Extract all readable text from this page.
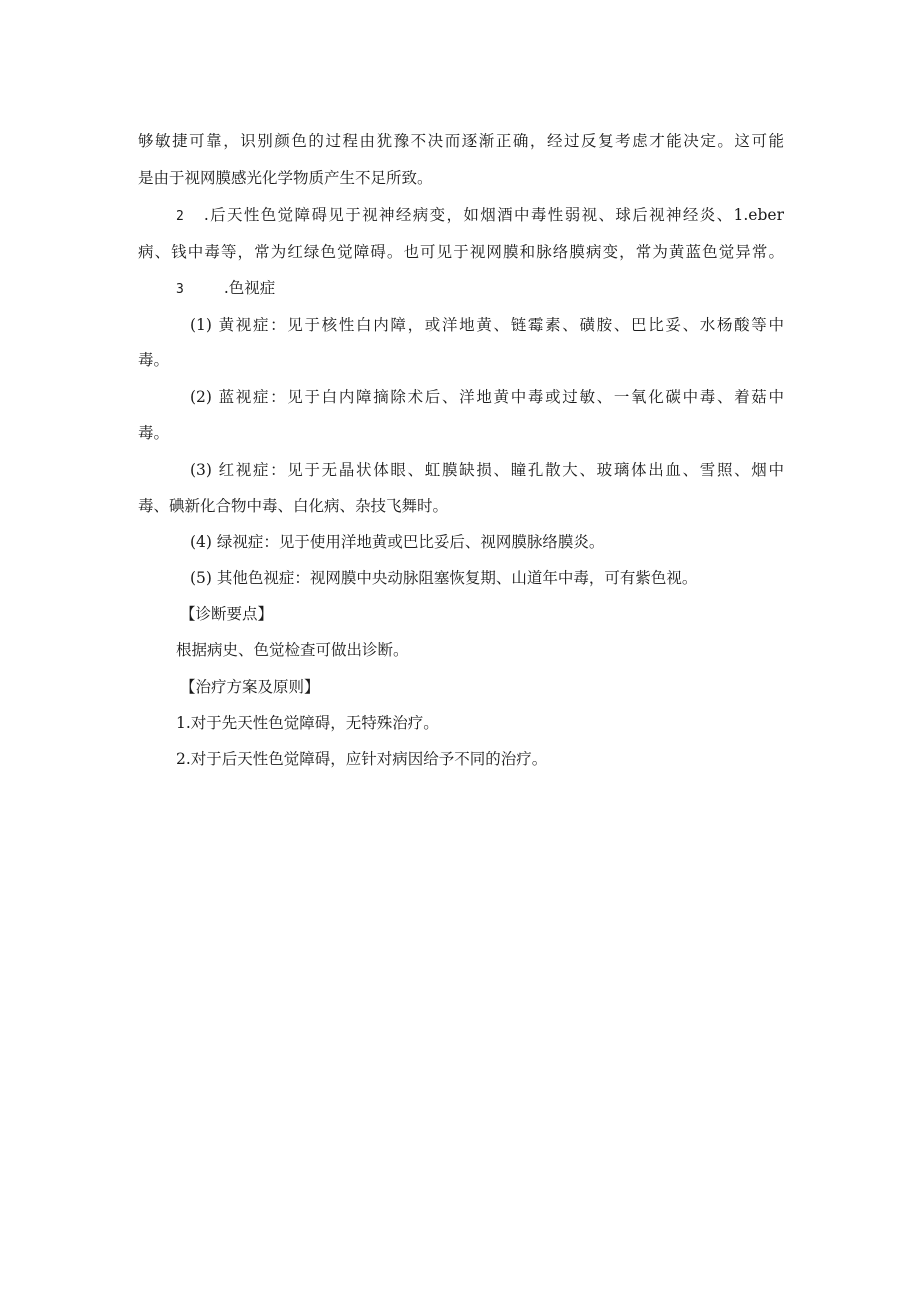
够敏捷可靠，识别颜色的过程由犹豫不决而逐渐正确，经过反复考虑才能决定。这可能
是由于视网膜感光化学物质产生不足所致。
2 .后天性色觉障碍见于视神经病变，如烟酒中毒性弱视、球后视神经炎、1.eber
病、钱中毒等，常为红绿色觉障碍。也可见于视网膜和脉络膜病变，常为黄蓝色觉异常。
3	.色视症
(1) 黄视症：见于核性白内障，或洋地黄、链霉素、磺胺、巴比妥、水杨酸等中
毒。
(2) 蓝视症：见于白内障摘除术后、洋地黄中毒或过敏、一氧化碳中毒、着菇中
毒。
(3) 红视症：见于无晶状体眼、虹膜缺损、瞳孔散大、玻璃体出血、雪照、烟中
毒、碘新化合物中毒、白化病、杂技飞舞时。
(4) 绿视症：见于使用洋地黄或巴比妥后、视网膜脉络膜炎。
(5) 其他色视症：视网膜中央动脉阻塞恢复期、山道年中毒，可有紫色视。
【诊断要点】
根据病史、色觉检查可做出诊断。
【治疗方案及原则】
1.对于先天性色觉障碍，无特殊治疗。
2.对于后天性色觉障碍，应针对病因给予不同的治疗。
